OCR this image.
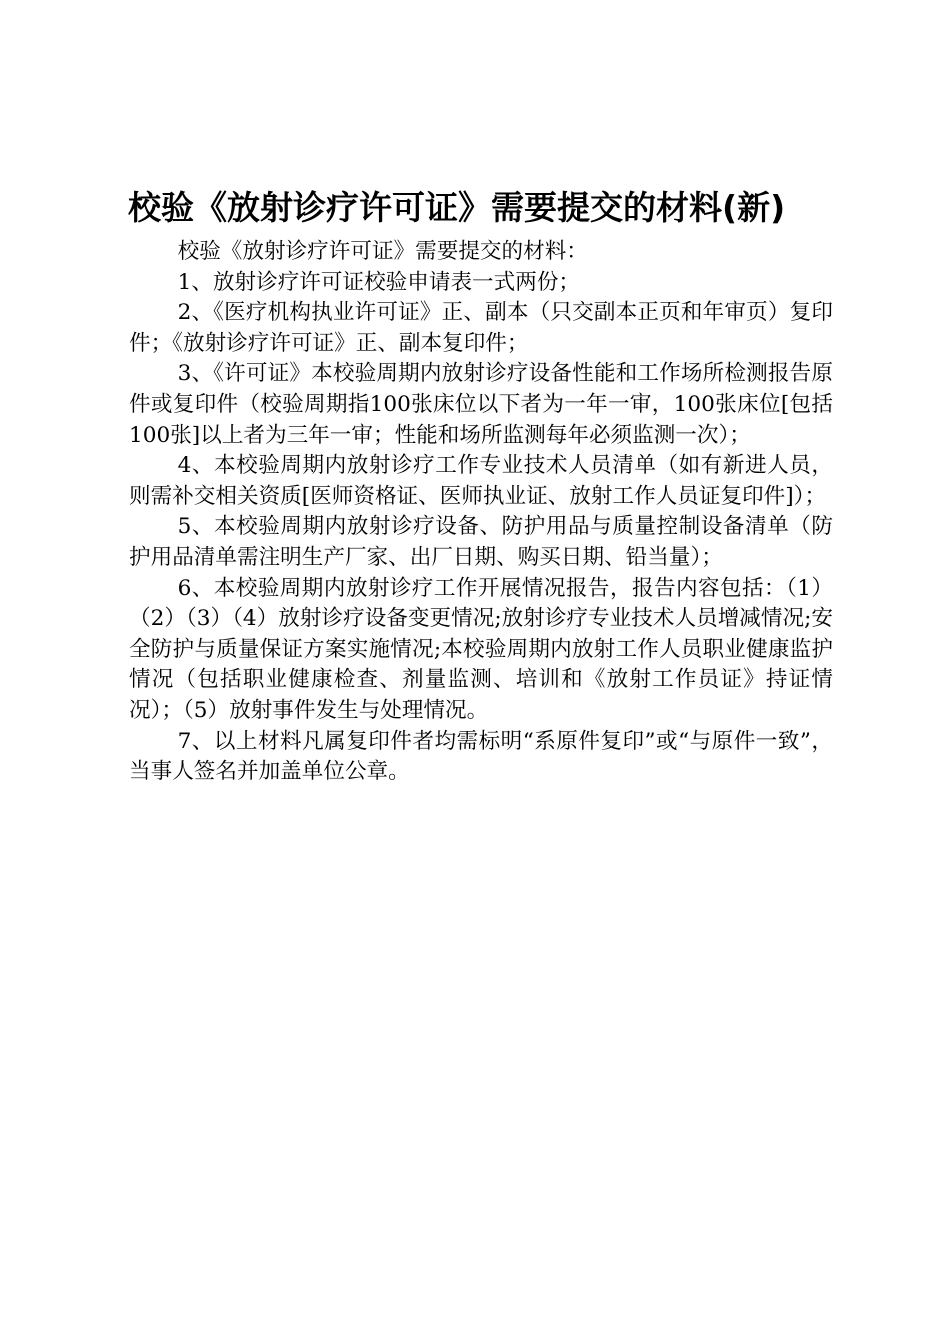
校验《放射诊疗许可证》需要提交的材料(新)

校验《放射诊疗许可证》需要提交的材料：

1、放射诊疗许可证校验申请表一式两份；

2、《医疗机构执业许可证》正、副本（只交副本正页和年审页）复印件；《放射诊疗许可证》正、副本复印件；

3、《许可证》本校验周期内放射诊疗设备性能和工作场所检测报告原件或复印件（校验周期指100张床位以下者为一年一审，100张床位[包括100张]以上者为三年一审；性能和场所监测每年必须监测一次）；

4、本校验周期内放射诊疗工作专业技术人员清单（如有新进人员，则需补交相关资质[医师资格证、医师执业证、放射工作人员证复印件]）；

5、本校验周期内放射诊疗设备、防护用品与质量控制设备清单（防护用品清单需注明生产厂家、出厂日期、购买日期、铅当量）；

6、本校验周期内放射诊疗工作开展情况报告，报告内容包括：（1）（2）（3）（4）放射诊疗设备变更情况;放射诊疗专业技术人员增减情况;安全防护与质量保证方案实施情况;本校验周期内放射工作人员职业健康监护情况（包括职业健康检查、剂量监测、培训和《放射工作员证》持证情况）；（5）放射事件发生与处理情况。

7、以上材料凡属复印件者均需标明“系原件复印”或“与原件一致”，当事人签名并加盖单位公章。
